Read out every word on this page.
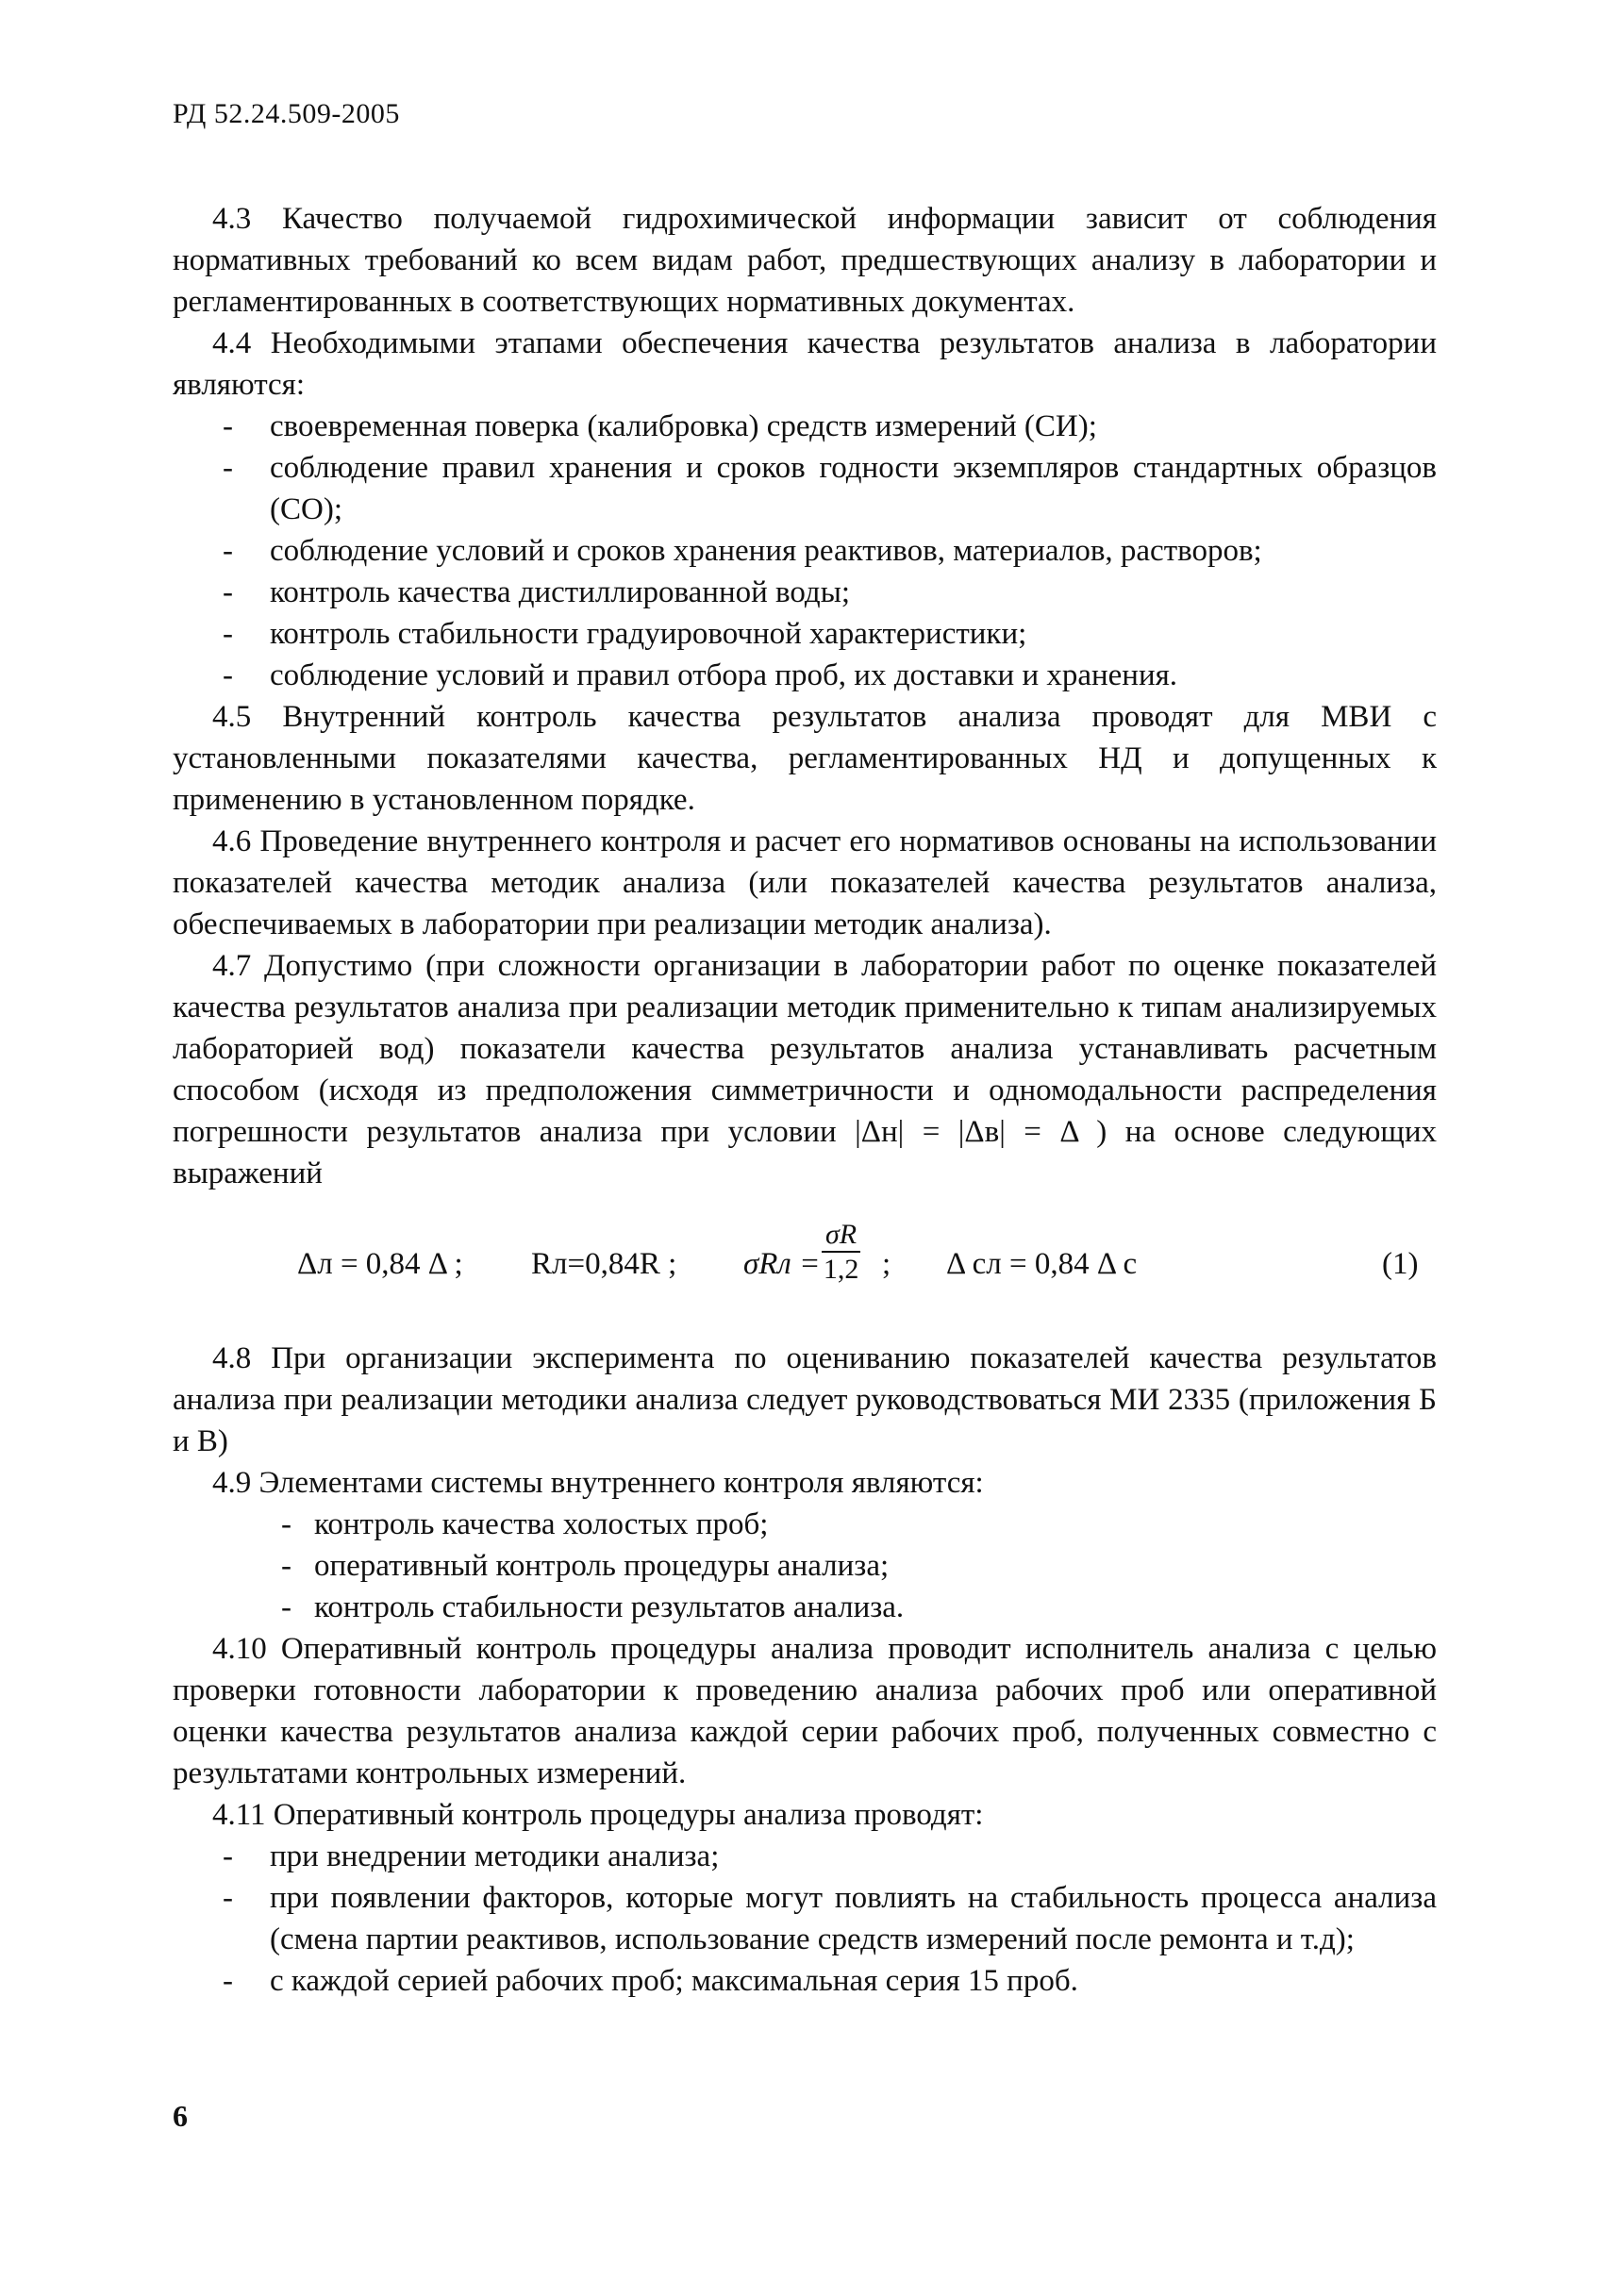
РД 52.24.509-2005

4.3 Качество получаемой гидрохимической информации зависит от соблюдения нормативных требований ко всем видам работ, предшествующих анализу в лаборатории и регламентированных в соответствующих нормативных документах.

4.4 Необходимыми этапами обеспечения качества результатов анализа в лаборатории являются:

- своевременная поверка (калибровка) средств измерений (СИ);
- соблюдение правил хранения и сроков годности экземпляров стандартных образцов (СО);
- соблюдение условий и сроков хранения реактивов, материалов, растворов;
- контроль качества дистиллированной воды;
- контроль стабильности градуировочной характеристики;
- соблюдение условий и правил отбора проб, их доставки и хранения.

4.5 Внутренний контроль качества результатов анализа проводят для МВИ с установленными показателями качества, регламентированных НД и допущенных к применению в установленном порядке.

4.6 Проведение внутреннего контроля и расчет его нормативов основаны на использовании показателей качества методик анализа (или показателей качества результатов анализа, обеспечиваемых в лаборатории при реализации методик анализа).

4.7 Допустимо (при сложности организации в лаборатории работ по оценке показателей качества результатов анализа при реализации методик применительно к типам анализируемых лабораторией вод) показатели качества результатов анализа устанавливать расчетным способом (исходя из предположения симметричности и одномодальности распределения погрешности результатов анализа при условии |Δн| = |Δв| = Δ ) на основе следующих выражений

Δл = 0,84 Δ ; Rл=0,84R ; $\sigma Rл = \frac{\sigma R}{1,2}$ ; Δ сл = 0,84 Δ с	(1)

4.8 При организации эксперимента по оцениванию показателей качества результатов анализа при реализации методики анализа следует руководствоваться МИ 2335 (приложения Б и В)

4.9 Элементами системы внутреннего контроля являются:

- контроль качества холостых проб;
- оперативный контроль процедуры анализа;
- контроль стабильности результатов анализа.

4.10 Оперативный контроль процедуры анализа проводит исполнитель анализа с целью проверки готовности лаборатории к проведению анализа рабочих проб или оперативной оценки качества результатов анализа каждой серии рабочих проб, полученных совместно с результатами контрольных измерений.

4.11 Оперативный контроль процедуры анализа проводят:

- при внедрении методики анализа;
- при появлении факторов, которые могут повлиять на стабильность процесса анализа (смена партии реактивов, использование средств измерений после ремонта и т.д);
- с каждой серией рабочих проб; максимальная серия 15 проб.
6
